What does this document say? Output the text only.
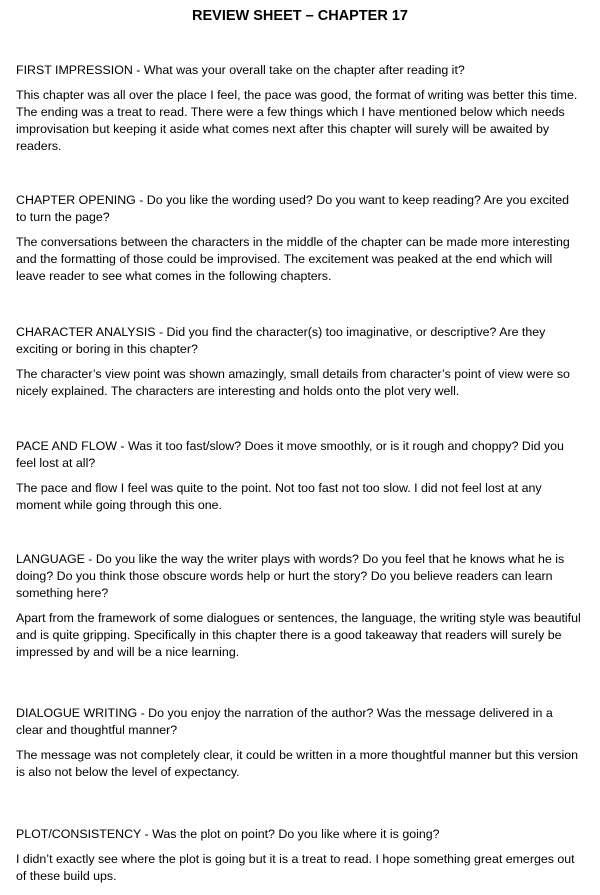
REVIEW SHEET – CHAPTER 17

FIRST IMPRESSION - What was your overall take on the chapter after reading it?

This chapter was all over the place I feel, the pace was good, the format of writing was better this time. The ending was a treat to read. There were a few things which I have mentioned below which needs improvisation but keeping it aside what comes next after this chapter will surely will be awaited by readers.

CHAPTER OPENING - Do you like the wording used? Do you want to keep reading? Are you excited to turn the page?

The conversations between the characters in the middle of the chapter can be made more interesting and the formatting of those could be improvised. The excitement was peaked at the end which will leave reader to see what comes in the following chapters.

CHARACTER ANALYSIS - Did you find the character(s) too imaginative, or descriptive? Are they exciting or boring in this chapter?

The character’s view point was shown amazingly, small details from character’s point of view were so nicely explained. The characters are interesting and holds onto the plot very well.

PACE AND FLOW - Was it too fast/slow? Does it move smoothly, or is it rough and choppy? Did you feel lost at all?

The pace and flow I feel was quite to the point. Not too fast not too slow. I did not feel lost at any moment while going through this one.

LANGUAGE - Do you like the way the writer plays with words? Do you feel that he knows what he is doing? Do you think those obscure words help or hurt the story? Do you believe readers can learn something here?

Apart from the framework of some dialogues or sentences, the language, the writing style was beautiful and is quite gripping. Specifically in this chapter there is a good takeaway that readers will surely be impressed by and will be a nice learning.

DIALOGUE WRITING - Do you enjoy the narration of the author? Was the message delivered in a clear and thoughtful manner?

The message was not completely clear, it could be written in a more thoughtful manner but this version is also not below the level of expectancy.

PLOT/CONSISTENCY - Was the plot on point? Do you like where it is going?

I didn’t exactly see where the plot is going but it is a treat to read. I hope something great emerges out of these build ups.
